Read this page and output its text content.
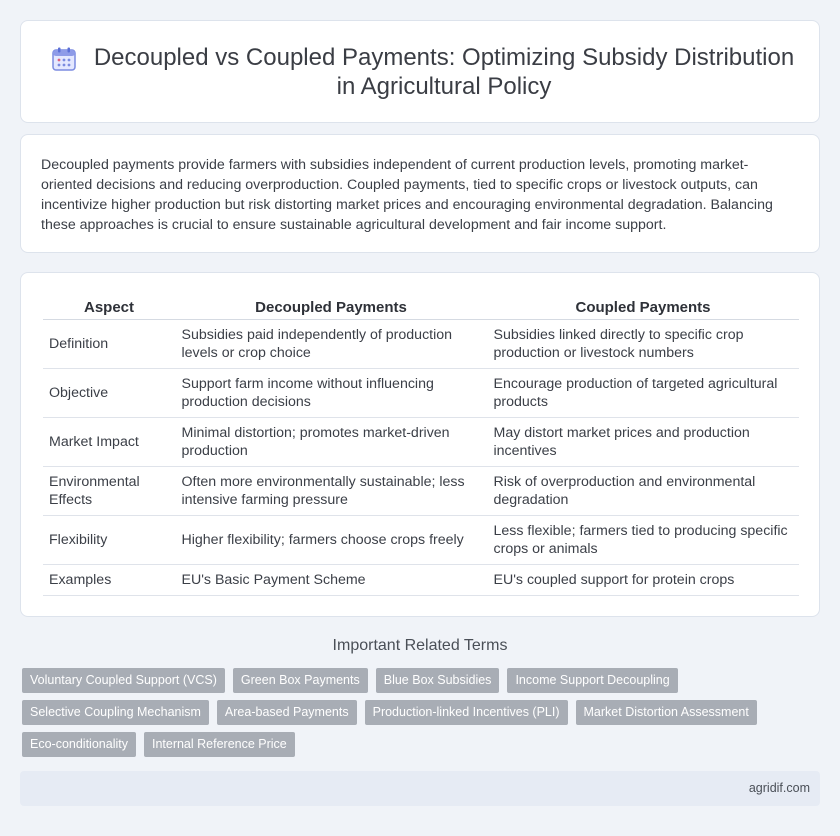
Decoupled vs Coupled Payments: Optimizing Subsidy Distribution in Agricultural Policy

Decoupled payments provide farmers with subsidies independent of current production levels, promoting market-oriented decisions and reducing overproduction. Coupled payments, tied to specific crops or livestock outputs, can incentivize higher production but risk distorting market prices and encouraging environmental degradation. Balancing these approaches is crucial to ensure sustainable agricultural development and fair income support.

Aspect	Decoupled Payments	Coupled Payments
Definition	Subsidies paid independently of production levels or crop choice	Subsidies linked directly to specific crop production or livestock numbers
Objective	Support farm income without influencing production decisions	Encourage production of targeted agricultural products
Market Impact	Minimal distortion; promotes market-driven production	May distort market prices and production incentives
Environmental Effects	Often more environmentally sustainable; less intensive farming pressure	Risk of overproduction and environmental degradation
Flexibility	Higher flexibility; farmers choose crops freely	Less flexible; farmers tied to producing specific crops or animals
Examples	EU's Basic Payment Scheme	EU's coupled support for protein crops
Important Related Terms
Voluntary Coupled Support (VCS)	Green Box Payments	Blue Box Subsidies	Income Support Decoupling
Selective Coupling Mechanism	Area-based Payments	Production-linked Incentives (PLI)	Market Distortion Assessment
Eco-conditionality	Internal Reference Price
agridif.com
